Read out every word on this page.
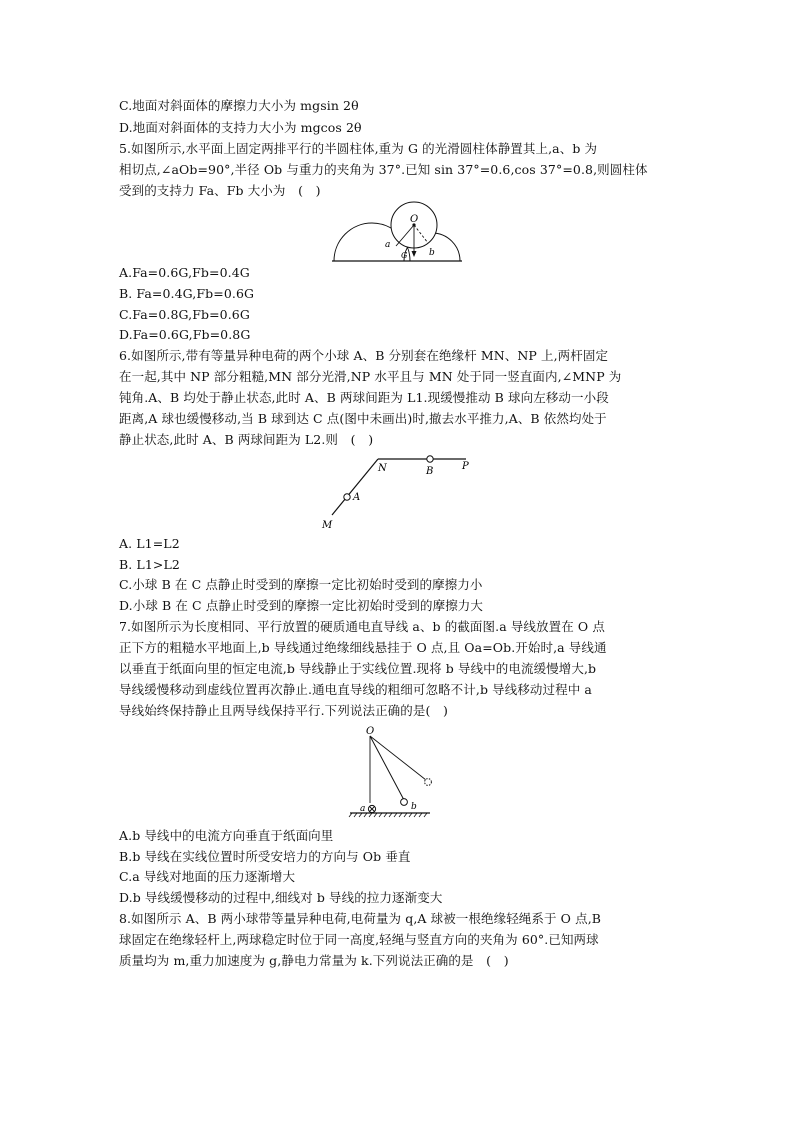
C.地面对斜面体的摩擦力大小为 mgsin 2θ
D.地面对斜面体的支持力大小为 mgcos 2θ
5.如图所示,水平面上固定两排平行的半圆柱体,重为 G 的光滑圆柱体静置其上,a、b 为
相切点,∠aOb=90°,半径 Ob 与重力的夹角为 37°.已知 sin 37°=0.6,cos 37°=0.8,则圆柱体
受到的支持力 Fa、Fb 大小为　(　)
O
a
b
G
A.Fa=0.6G,Fb=0.4G
B. Fa=0.4G,Fb=0.6G
C.Fa=0.8G,Fb=0.6G
D.Fa=0.6G,Fb=0.8G
6.如图所示,带有等量异种电荷的两个小球 A、B 分别套在绝缘杆 MN、NP 上,两杆固定
在一起,其中 NP 部分粗糙,MN 部分光滑,NP 水平且与 MN 处于同一竖直面内,∠MNP 为
钝角.A、B 均处于静止状态,此时 A、B 两球间距为 L1.现缓慢推动 B 球向左移动一小段
距离,A 球也缓慢移动,当 B 球到达 C 点(图中未画出)时,撤去水平推力,A、B 依然均处于
静止状态,此时 A、B 两球间距为 L2.则　(　)
N	B	P
A
M
A. L1=L2
B. L1>L2
C.小球 B 在 C 点静止时受到的摩擦一定比初始时受到的摩擦力小
D.小球 B 在 C 点静止时受到的摩擦一定比初始时受到的摩擦力大
7.如图所示为长度相同、平行放置的硬质通电直导线 a、b 的截面图.a 导线放置在 O 点
正下方的粗糙水平地面上,b 导线通过绝缘细线悬挂于 O 点,且 Oa=Ob.开始时,a 导线通
以垂直于纸面向里的恒定电流,b 导线静止于实线位置.现将 b 导线中的电流缓慢增大,b
导线缓慢移动到虚线位置再次静止.通电直导线的粗细可忽略不计,b 导线移动过程中 a
导线始终保持静止且两导线保持平行.下列说法正确的是(　)
O
a	b
A.b 导线中的电流方向垂直于纸面向里
B.b 导线在实线位置时所受安培力的方向与 Ob 垂直
C.a 导线对地面的压力逐渐增大
D.b 导线缓慢移动的过程中,细线对 b 导线的拉力逐渐变大
8.如图所示 A、B 两小球带等量异种电荷,电荷量为 q,A 球被一根绝缘轻绳系于 O 点,B
球固定在绝缘轻杆上,两球稳定时位于同一高度,轻绳与竖直方向的夹角为 60°.已知两球
质量均为 m,重力加速度为 g,静电力常量为 k.下列说法正确的是　(　)
